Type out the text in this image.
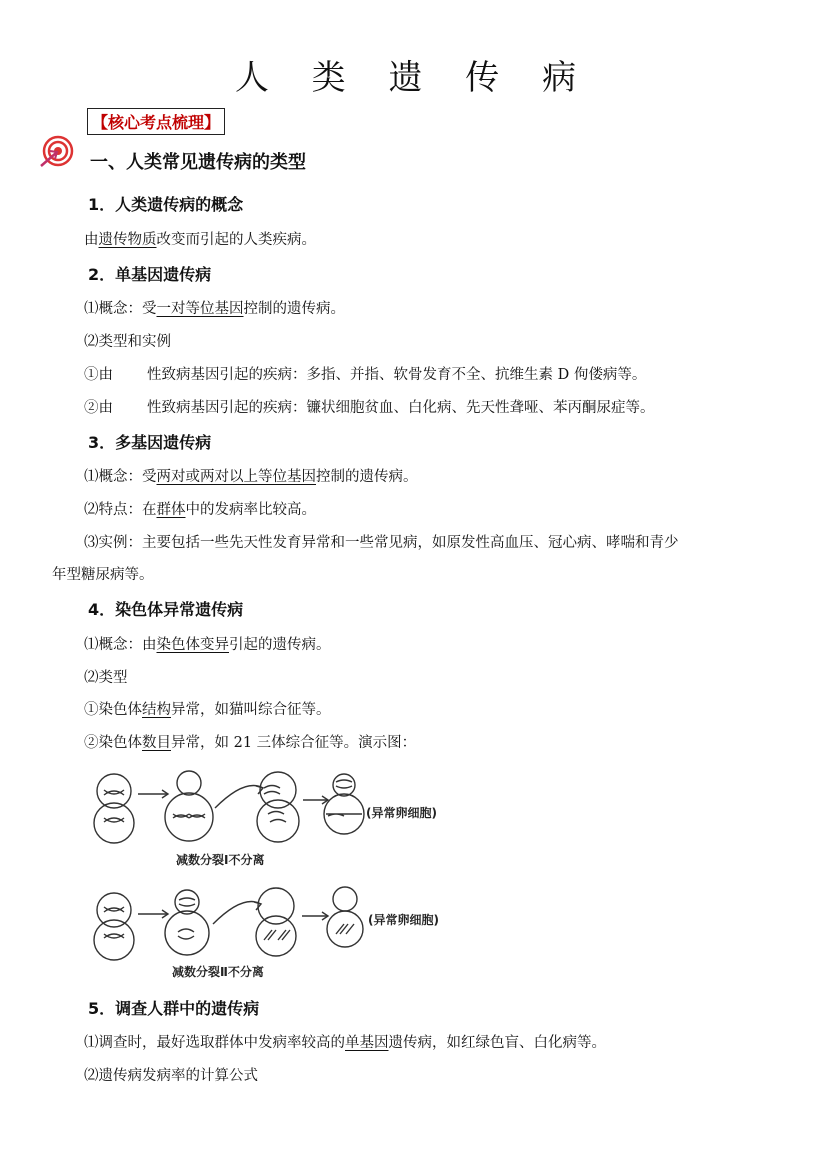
人 类 遗 传 病
【核心考点梳理】
一、人类常见遗传病的类型
1．人类遗传病的概念
由遗传物质改变而引起的人类疾病。
2．单基因遗传病
⑴概念：受一对等位基因控制的遗传病。
⑵类型和实例
①由 性致病基因引起的疾病：多指、并指、软骨发育不全、抗维生素 D 佝偻病等。
②由 性致病基因引起的疾病：镰状细胞贫血、白化病、先天性聋哑、苯丙酮尿症等。
3．多基因遗传病
⑴概念：受两对或两对以上等位基因控制的遗传病。
⑵特点：在群体中的发病率比较高。
⑶实例：主要包括一些先天性发育异常和一些常见病，如原发性高血压、冠心病、哮喘和青少
年型糖尿病等。
4．染色体异常遗传病
⑴概念：由染色体变异引起的遗传病。
⑵类型
①染色体结构异常，如猫叫综合征等。
②染色体数目异常，如 21 三体综合征等。演示图：
(异常卵细胞)
减数分裂Ⅰ不分离
(异常卵细胞)
减数分裂Ⅱ不分离
5．调查人群中的遗传病
⑴调查时，最好选取群体中发病率较高的单基因遗传病，如红绿色盲、白化病等。
⑵遗传病发病率的计算公式
